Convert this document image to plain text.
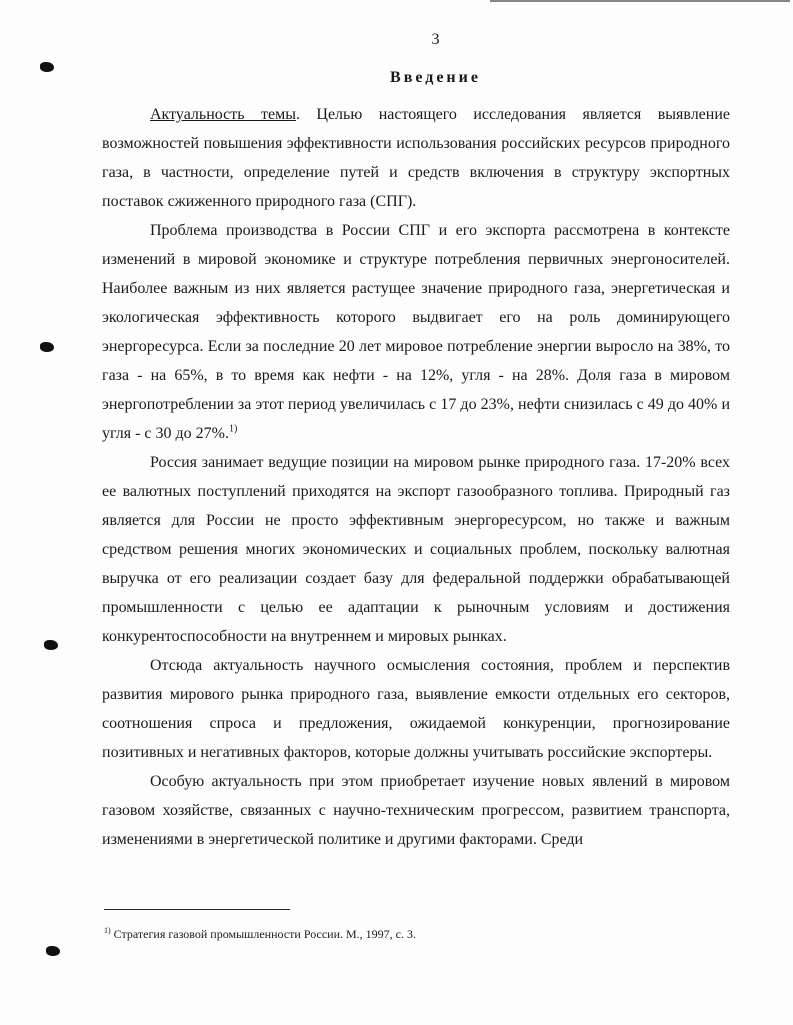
3
Введение

Актуальность темы. Целью настоящего исследования является выявление возможностей повышения эффективности использования российских ресурсов природного газа, в частности, определение путей и средств включения в структуру экспортных поставок сжиженного природного газа (СПГ).

Проблема производства в России СПГ и его экспорта рассмотрена в контексте изменений в мировой экономике и структуре потребления первичных энергоносителей. Наиболее важным из них является растущее значение природного газа, энергетическая и экологическая эффективность которого выдвигает его на роль доминирующего энергоресурса. Если за последние 20 лет мировое потребление энергии выросло на 38%, то газа - на 65%, в то время как нефти - на 12%, угля - на 28%. Доля газа в мировом энергопотреблении за этот период увеличилась с 17 до 23%, нефти снизилась с 49 до 40% и угля - с 30 до 27%.$^{1)}$

Россия занимает ведущие позиции на мировом рынке природного газа. 17-20% всех ее валютных поступлений приходятся на экспорт газообразного топлива. Природный газ является для России не просто эффективным энергоресурсом, но также и важным средством решения многих экономических и социальных проблем, поскольку валютная выручка от его реализации создает базу для федеральной поддержки обрабатывающей промышленности с целью ее адаптации к рыночным условиям и достижения конкурентоспособности на внутреннем и мировых рынках.

Отсюда актуальность научного осмысления состояния, проблем и перспектив развития мирового рынка природного газа, выявление емкости отдельных его секторов, соотношения спроса и предложения, ожидаемой конкуренции, прогнозирование позитивных и негативных факторов, которые должны учитывать российские экспортеры.

Особую актуальность при этом приобретает изучение новых явлений в мировом газовом хозяйстве, связанных с научно-техническим прогрессом, развитием транспорта, изменениями в энергетической политике и другими факторами. Среди

$^{1)}$ Стратегия газовой промышленности России. М., 1997, с. 3.
